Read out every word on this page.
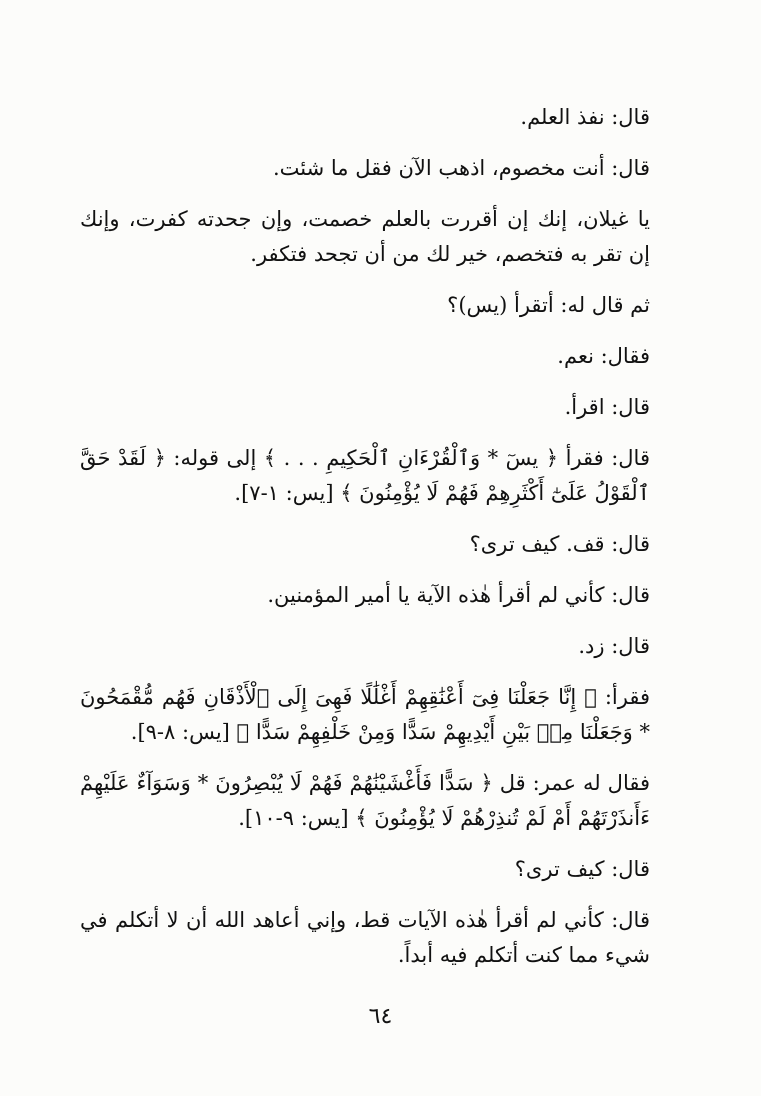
قال: نفذ العلم.

قال: أنت مخصوم، اذهب الآن فقل ما شئت.

يا غيلان، إنك إن أقررت بالعلم خصمت، وإن جحدته كفرت، وإنك إن تقر به فتخصم، خير لك من أن تجحد فتكفر.

ثم قال له: أتقرأ (يس)؟

فقال: نعم.

قال: اقرأ.

قال: فقرأ ﴿ يسٓ * وَٱلْقُرْءَانِ ٱلْحَكِيمِ . . . ﴾ إلى قوله: ﴿ لَقَدْ حَقَّ ٱلْقَوْلُ عَلَىٰٓ أَكْثَرِهِمْ فَهُمْ لَا يُؤْمِنُونَ ﴾ [يس: ١-٧].

قال: قف. كيف ترى؟

قال: كأني لم أقرأ هٰذه الآية يا أمير المؤمنين.

قال: زد.

فقرأ: ﴿ إِنَّا جَعَلْنَا فِىٓ أَعْنَٰقِهِمْ أَغْلَٰلًا فَهِىَ إِلَى ٱلْأَذْقَانِ فَهُم مُّقْمَحُونَ * وَجَعَلْنَا مِنۢ بَيْنِ أَيْدِيهِمْ سَدًّا وَمِنْ خَلْفِهِمْ سَدًّا ﴾ [يس: ٨-٩].

فقال له عمر: قل ﴿ سَدًّا فَأَغْشَيْنَٰهُمْ فَهُمْ لَا يُبْصِرُونَ * وَسَوَآءٌ عَلَيْهِمْ ءَأَنذَرْتَهُمْ أَمْ لَمْ تُنذِرْهُمْ لَا يُؤْمِنُونَ ﴾ [يس: ٩-١٠].

قال: كيف ترى؟

قال: كأني لم أقرأ هٰذه الآيات قط، وإني أعاهد الله أن لا أتكلم في شيء مما كنت أتكلم فيه أبداً.

٦٤
